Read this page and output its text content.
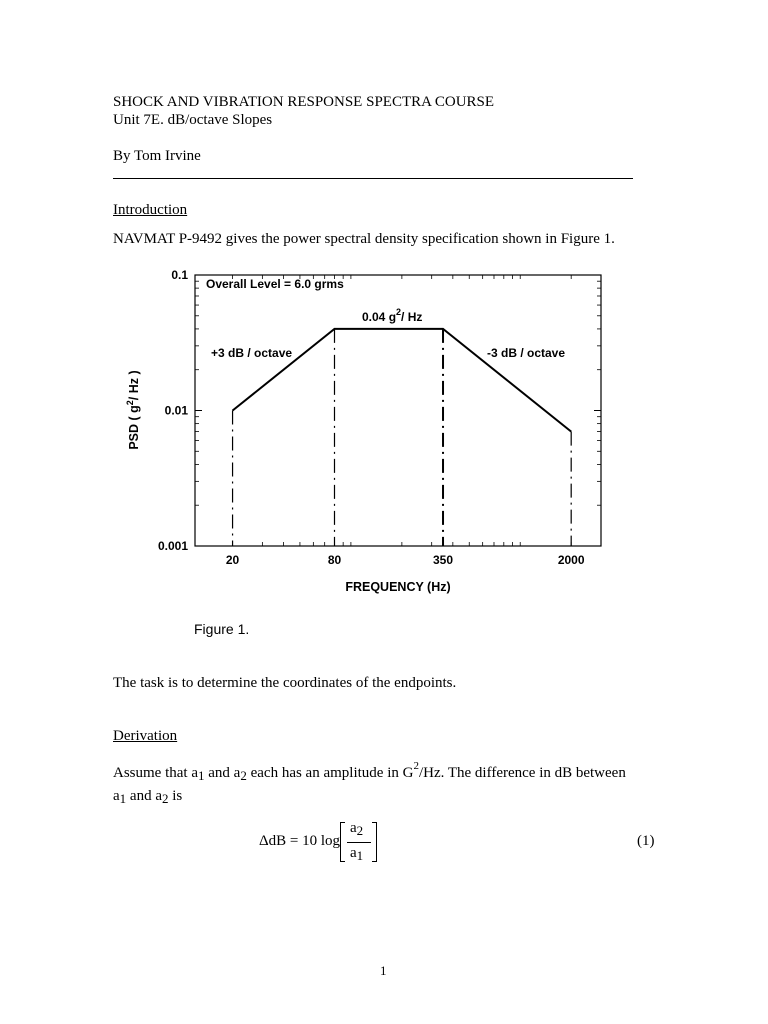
SHOCK AND VIBRATION RESPONSE SPECTRA COURSE
Unit 7E. dB/octave Slopes
By Tom Irvine
Introduction
NAVMAT P-9492 gives the power spectral density specification shown in Figure 1.
0.1
0.01
0.001
20	80	350	2000
FREQUENCY (Hz)
PSD ( $g^2/$ Hz )
Overall Level = 6.0 grms
0.04 $g^2/$ Hz
+3 dB / octave	-3 dB / octave
Figure 1.
The task is to determine the coordinates of the endpoints.
Derivation
Assume that a1 and a2 each has an amplitude in $G^2/Hz$. The difference in dB between
a1 and a2 is
ΔdB = 10 log
a2
a1
(1)
1
